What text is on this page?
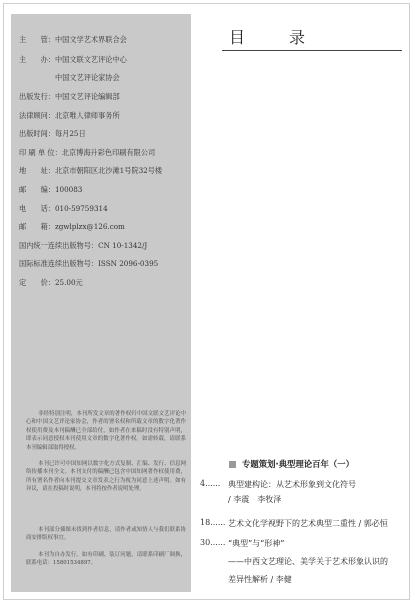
主　　管：中国文学艺术界联合会
主　　办：中国文联文艺评论中心
中国文艺评论家协会
出版发行：中国文艺评论编辑部
法律顾问：北京唯人律师事务所
出版时间：每月25日
印 刷 单 位：北京博海升彩色印刷有限公司
地　　址：北京市朝阳区北沙滩1号院32号楼
邮　　编：100083
电　　话：010-59759314
邮　　箱：zgwlplzx@126.com
国内统一连续出版物号：CN 10-1342/J
国际标准连续出版物号：ISSN 2096-0395
定　　价：25.00元
非经特别注明，本刊所发文章的著作权归中国文联文艺评论中心和中国文艺评论家协会，作者的署名权和所载文章的数字化著作权使用费及本刊稿酬已全部给付，如作者在来稿时没有特别声明，即表示同意授权本刊使用文章的数字化著作权。如需转载，请联系本刊编辑部取得授权。
本刊已许可中国知网以数字化方式复制、汇编、发行、信息网络传播本刊全文。本刊支付的稿酬已包含中国知网著作权使用费，所有署名作者向本刊提交文章发表之行为视为同意上述声明。如有异议，请在投稿时说明，本刊将按作者说明处理。
本刊部分插图未找到作者信息，请作者或知情人与我们联系协商安排版权事宜。
本刊为自办发行。如有印刷、装订问题，请联系印刷厂调换，联系电话：15801534897。
目　录
专题策划·典型理论百年（一）
4...... 典型建构论：从艺术形象到文化符号
/ 李震　李牧泽
18...... 艺术文化学视野下的艺术典型二重性 / 郭必恒
30...... “典型”与“形神”
——中西文艺理论、美学关于艺术形象认识的
差异性解析 / 李健
